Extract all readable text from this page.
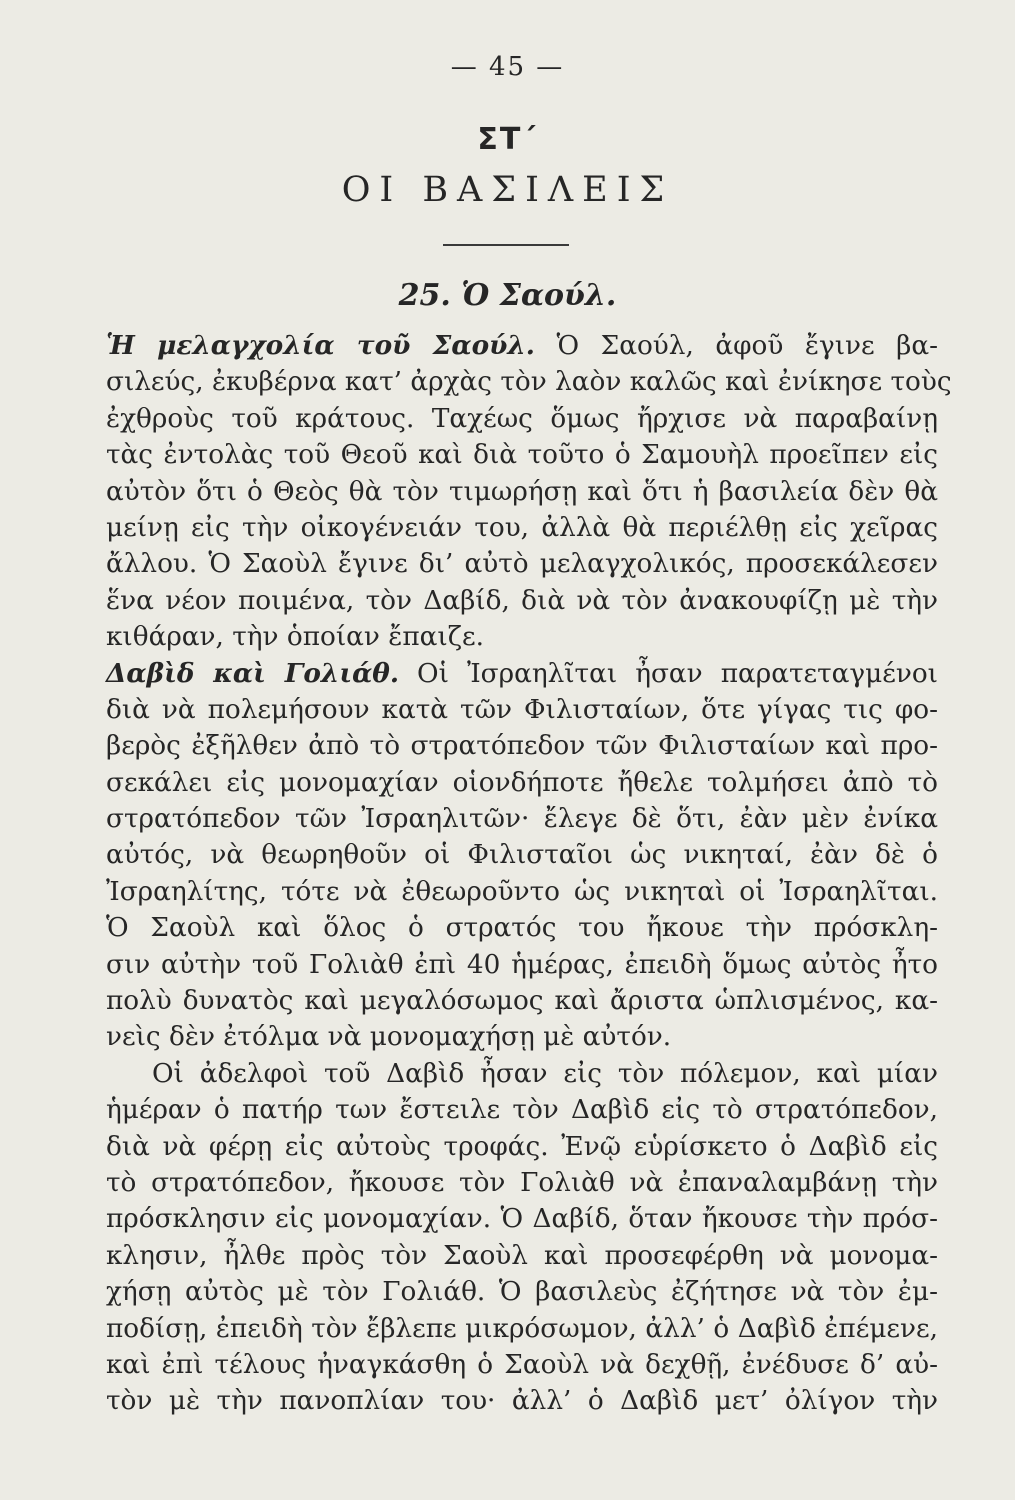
— 45 —
ΣΤ΄
ΟΙ ΒΑΣΙΛΕΙΣ
25. Ὁ Σαούλ.
Ἡ μελαγχολία τοῦ Σαούλ. Ὁ Σαούλ, ἀφοῦ ἔγινε βα-
σιλεύς, ἐκυβέρνα κατ’ ἀρχὰς τὸν λαὸν καλῶς καὶ ἐνίκησε τοὺς
ἐχθροὺς τοῦ κράτους. Ταχέως ὅμως ἤρχισε νὰ παραβαίνῃ
τὰς ἐντολὰς τοῦ Θεοῦ καὶ διὰ τοῦτο ὁ Σαμουὴλ προεῖπεν εἰς
αὐτὸν ὅτι ὁ Θεὸς θὰ τὸν τιμωρήσῃ καὶ ὅτι ἡ βασιλεία δὲν θὰ
μείνῃ εἰς τὴν οἰκογένειάν του, ἀλλὰ θὰ περιέλθῃ εἰς χεῖρας
ἄλλου. Ὁ Σαοὺλ ἔγινε δι’ αὐτὸ μελαγχολικός, προσεκάλεσεν
ἕνα νέον ποιμένα, τὸν Δαβίδ, διὰ νὰ τὸν ἀνακουφίζῃ μὲ τὴν
κιθάραν, τὴν ὁποίαν ἔπαιζε.
Δαβὶδ καὶ Γολιάθ. Οἱ Ἰσραηλῖται ἦσαν παρατεταγμένοι
διὰ νὰ πολεμήσουν κατὰ τῶν Φιλισταίων, ὅτε γίγας τις φο-
βερὸς ἐξῆλθεν ἀπὸ τὸ στρατόπεδον τῶν Φιλισταίων καὶ προ-
σεκάλει εἰς μονομαχίαν οἱονδήποτε ἤθελε τολμήσει ἀπὸ τὸ
στρατόπεδον τῶν Ἰσραηλιτῶν· ἔλεγε δὲ ὅτι, ἐὰν μὲν ἐνίκα
αὐτός, νὰ θεωρηθοῦν οἱ Φιλισταῖοι ὡς νικηταί, ἐὰν δὲ ὁ
Ἰσραηλίτης, τότε νὰ ἐθεωροῦντο ὡς νικηταὶ οἱ Ἰσραηλῖται.
Ὁ Σαοὺλ καὶ ὅλος ὁ στρατός του ἤκουε τὴν πρόσκλη-
σιν αὐτὴν τοῦ Γολιὰθ ἐπὶ 40 ἡμέρας, ἐπειδὴ ὅμως αὐτὸς ἦτο
πολὺ δυνατὸς καὶ μεγαλόσωμος καὶ ἄριστα ὡπλισμένος, κα-
νεὶς δὲν ἐτόλμα νὰ μονομαχήσῃ μὲ αὐτόν.
Οἱ ἀδελφοὶ τοῦ Δαβὶδ ἦσαν εἰς τὸν πόλεμον, καὶ μίαν
ἡμέραν ὁ πατήρ των ἔστειλε τὸν Δαβὶδ εἰς τὸ στρατόπεδον,
διὰ νὰ φέρῃ εἰς αὐτοὺς τροφάς. Ἐνῷ εὑρίσκετο ὁ Δαβὶδ εἰς
τὸ στρατόπεδον, ἤκουσε τὸν Γολιὰθ νὰ ἐπαναλαμβάνῃ τὴν
πρόσκλησιν εἰς μονομαχίαν. Ὁ Δαβίδ, ὅταν ἤκουσε τὴν πρόσ-
κλησιν, ἦλθε πρὸς τὸν Σαοὺλ καὶ προσεφέρθη νὰ μονομα-
χήσῃ αὐτὸς μὲ τὸν Γολιάθ. Ὁ βασιλεὺς ἐζήτησε νὰ τὸν ἐμ-
ποδίσῃ, ἐπειδὴ τὸν ἔβλεπε μικρόσωμον, ἀλλ’ ὁ Δαβὶδ ἐπέμενε,
καὶ ἐπὶ τέλους ἠναγκάσθη ὁ Σαοὺλ νὰ δεχθῇ, ἐνέδυσε δ’ αὐ-
τὸν μὲ τὴν πανοπλίαν του· ἀλλ’ ὁ Δαβὶδ μετ’ ὀλίγον τὴν
